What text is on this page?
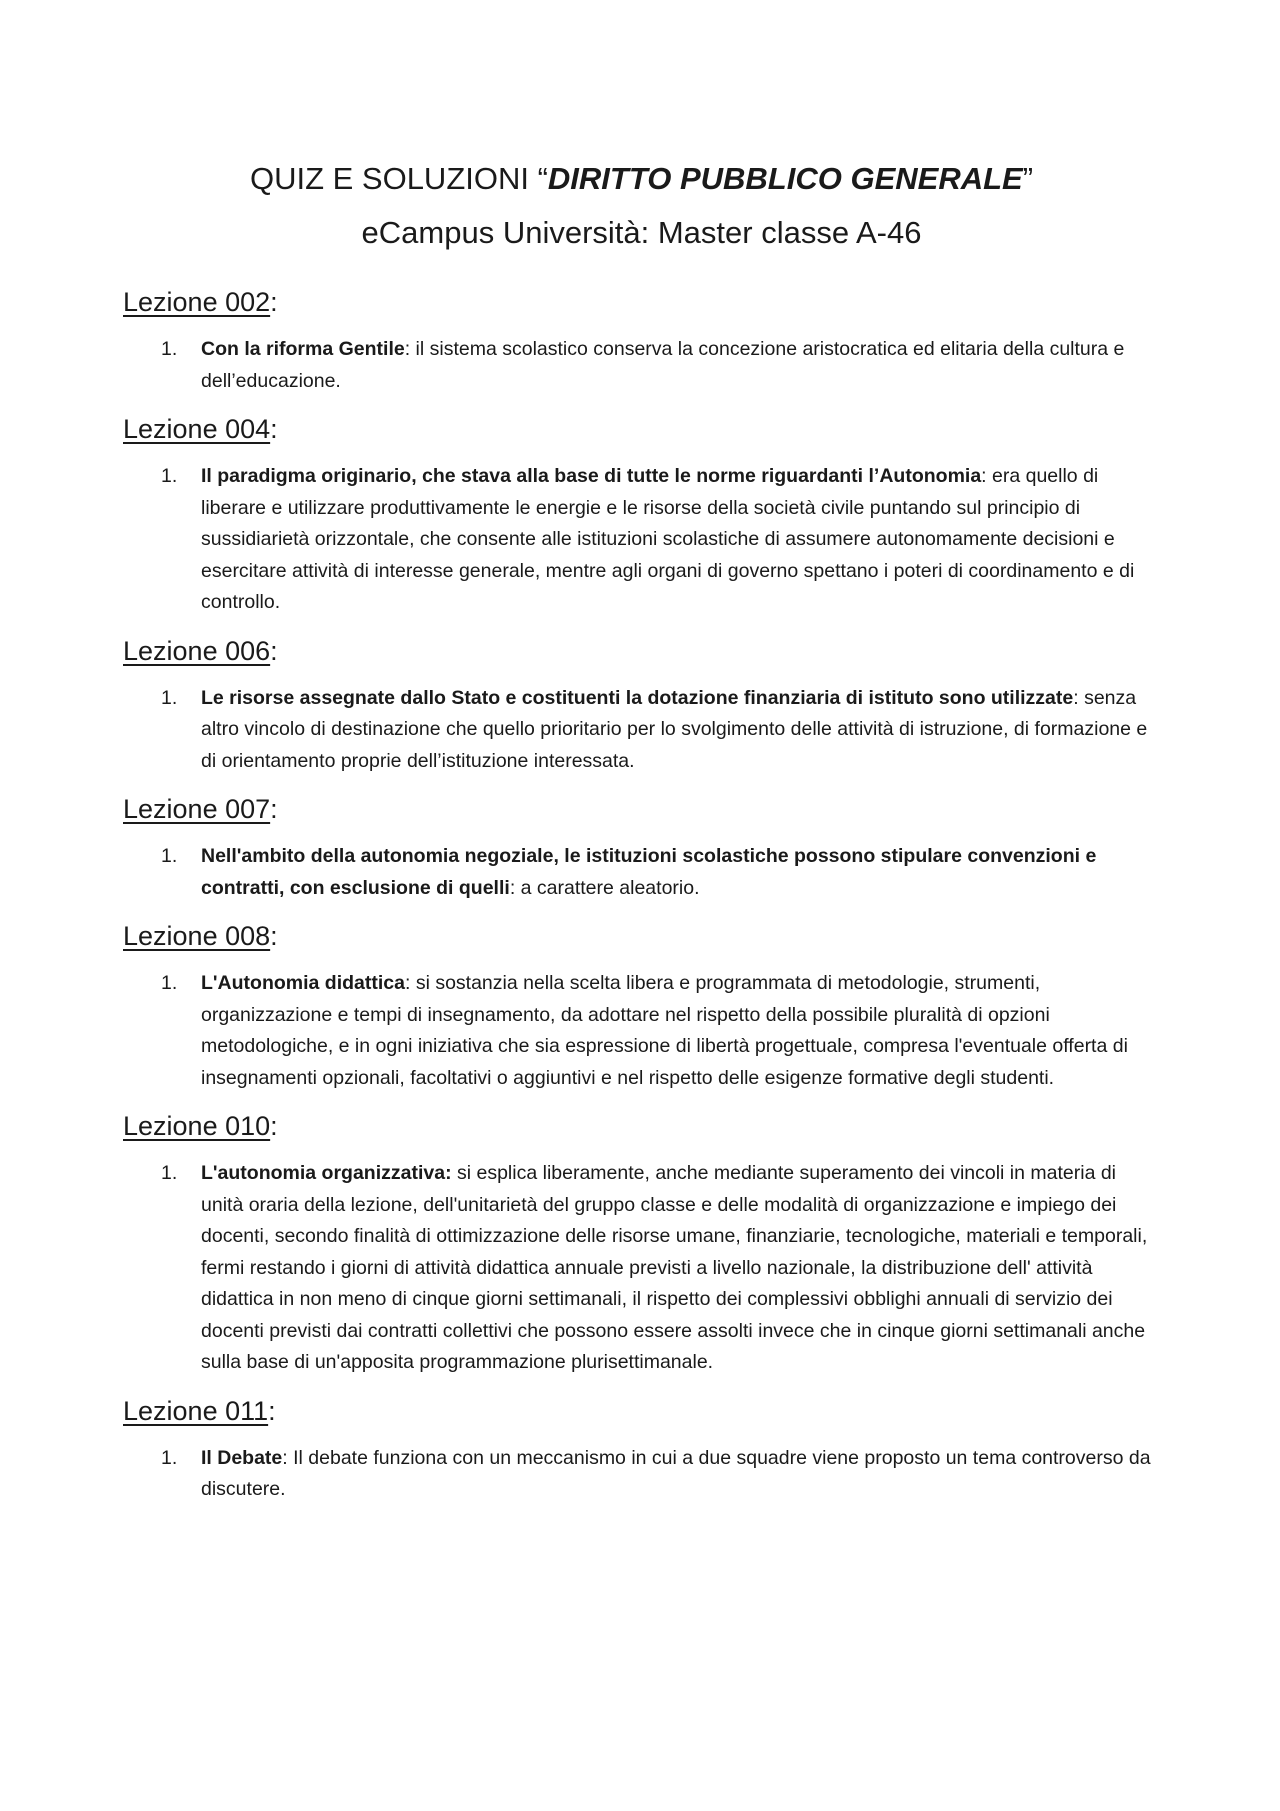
QUIZ E SOLUZIONI “DIRITTO PUBBLICO GENERALE”

eCampus Università: Master classe A-46

Lezione 002:
1.	Con la riforma Gentile: il sistema scolastico conserva la concezione aristocratica ed elitaria della cultura e dell’educazione.

Lezione 004:
1.	Il paradigma originario, che stava alla base di tutte le norme riguardanti l’Autonomia: era quello di liberare e utilizzare produttivamente le energie e le risorse della società civile puntando sul principio di sussidiarietà orizzontale, che consente alle istituzioni scolastiche di assumere autonomamente decisioni e esercitare attività di interesse generale, mentre agli organi di governo spettano i poteri di coordinamento e di controllo.

Lezione 006:
1.	Le risorse assegnate dallo Stato e costituenti la dotazione finanziaria di istituto sono utilizzate: senza altro vincolo di destinazione che quello prioritario per lo svolgimento delle attività di istruzione, di formazione e di orientamento proprie dell’istituzione interessata.

Lezione 007:
1.	Nell'ambito della autonomia negoziale, le istituzioni scolastiche possono stipulare convenzioni e contratti, con esclusione di quelli: a carattere aleatorio.

Lezione 008:
1.	L'Autonomia didattica: si sostanzia nella scelta libera e programmata di metodologie, strumenti, organizzazione e tempi di insegnamento, da adottare nel rispetto della possibile pluralità di opzioni metodologiche, e in ogni iniziativa che sia espressione di libertà progettuale, compresa l'eventuale offerta di insegnamenti opzionali, facoltativi o aggiuntivi e nel rispetto delle esigenze formative degli studenti.

Lezione 010:
1.	L'autonomia organizzativa: si esplica liberamente, anche mediante superamento dei vincoli in materia di unità oraria della lezione, dell'unitarietà del gruppo classe e delle modalità di organizzazione e impiego dei docenti, secondo finalità di ottimizzazione delle risorse umane, finanziarie, tecnologiche, materiali e temporali, fermi restando i giorni di attività didattica annuale previsti a livello nazionale, la distribuzione dell' attività didattica in non meno di cinque giorni settimanali, il rispetto dei complessivi obblighi annuali di servizio dei docenti previsti dai contratti collettivi che possono essere assolti invece che in cinque giorni settimanali anche sulla base di un'apposita programmazione plurisettimanale.

Lezione 011:
1.	Il Debate: Il debate funziona con un meccanismo in cui a due squadre viene proposto un tema controverso da discutere.
